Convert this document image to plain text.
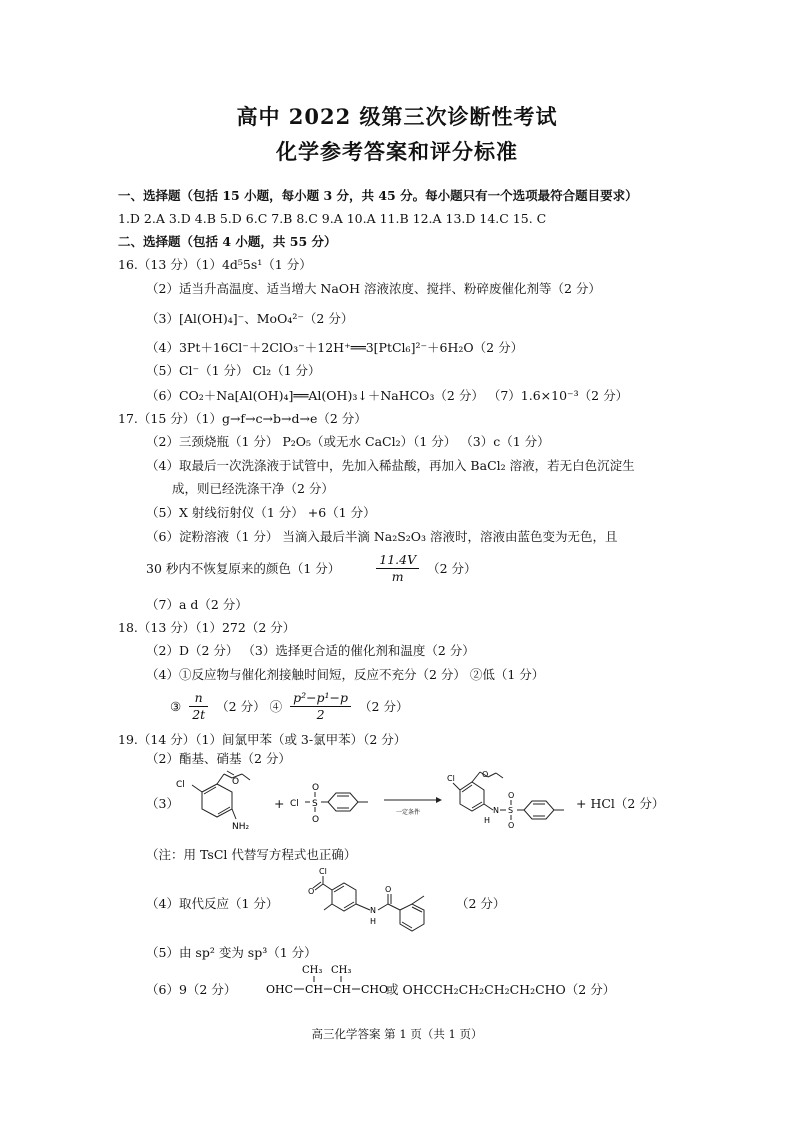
高中 2022 级第三次诊断性考试
化学参考答案和评分标准
一、选择题（包括 15 小题，每小题 3 分，共 45 分。每小题只有一个选项最符合题目要求）
1.D 2.A 3.D 4.B 5.D 6.C 7.B 8.C 9.A 10.A 11.B 12.A 13.D 14.C 15. C
二、选择题（包括 4 小题，共 55 分）
16.（13 分）（1）4d⁵5s¹（1 分）
（2）适当升高温度、适当增大 NaOH 溶液浓度、搅拌、粉碎废催化剂等（2 分）
（3）[Al(OH)₄]⁻、MoO₄²⁻（2 分）
（4）3Pt＋16Cl⁻＋2ClO₃⁻＋12H⁺══3[PtCl₆]²⁻＋6H₂O（2 分）
（5）Cl⁻（1 分） Cl₂（1 分）
（6）CO₂＋Na[Al(OH)₄]══Al(OH)₃↓＋NaHCO₃（2 分） （7）1.6×10⁻³（2 分）
17.（15 分）（1）g→f→c→b→d→e（2 分）
（2）三颈烧瓶（1 分） P₂O₅（或无水 CaCl₂）（1 分） （3）c（1 分）
（4）取最后一次洗涤液于试管中，先加入稀盐酸，再加入 BaCl₂ 溶液，若无白色沉淀生
成，则已经洗涤干净（2 分）
（5）X 射线衍射仪（1 分） +6（1 分）
（6）淀粉溶液（1 分） 当滴入最后半滴 Na₂S₂O₃ 溶液时，溶液由蓝色变为无色，且
30 秒内不恢复原来的颜色（1 分）	$\frac{11.4V}{m} (2$ 分）
（7）a d（2 分）
18.（13 分）（1）272（2 分）
（2）D（2 分） （3）选择更合适的催化剂和温度（2 分）
（4）①反应物与催化剂接触时间短，反应不充分（2 分） ②低（1 分）
③ $\frac{n}{2t} (2$ 分） ④ $\frac{\text{p²−p¹−p}}{2} (2$ 分）
19.（14 分）（1）间氯甲苯（或 3-氯甲苯）（2 分）
（2）酯基、硝基（2 分）
（3）
Cl	O
NH₂
+ Cl
O
S
O
一定条件
Cl	O
N
H
O
S
O
+ HCl（2 分）
（注：用 TsCl 代替写方程式也正确）
（4）取代反应（1 分）
Cl
O
N
H
O
（2 分）
（5）由 sp² 变为 sp³（1 分）
（6）9（2 分）	OHC CH CH CHO
CH₃ CH₃
或 OHCCH₂CH₂CH₂CH₂CHO（2 分）
高三化学答案 第 1 页（共 1 页）
